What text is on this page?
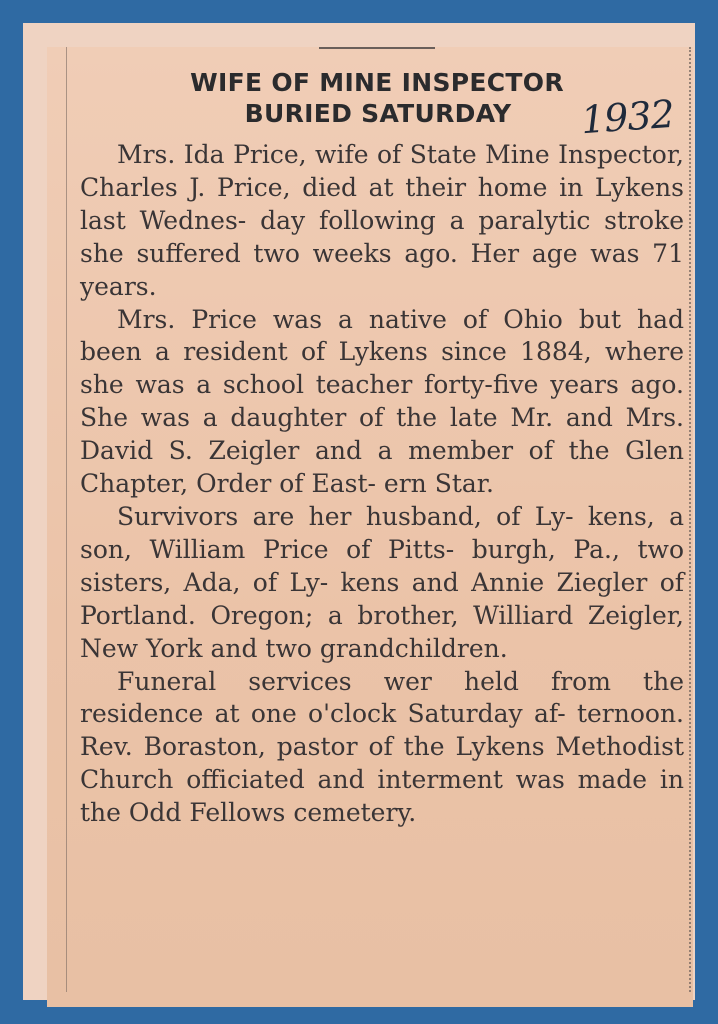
WIFE OF MINE INSPECTOR
BURIED SATURDAY	1932

Mrs. Ida Price, wife of State Mine Inspector, Charles J. Price, died at their home in Lykens last Wednes- day following a paralytic stroke she suffered two weeks ago. Her age was 71 years.

Mrs. Price was a native of Ohio but had been a resident of Lykens since 1884, where she was a school teacher forty-five years ago. She was a daughter of the late Mr. and Mrs. David S. Zeigler and a member of the Glen Chapter, Order of East- ern Star.

Survivors are her husband, of Ly- kens, a son, William Price of Pitts- burgh, Pa., two sisters, Ada, of Ly- kens and Annie Ziegler of Portland. Oregon; a brother, Williard Zeigler, New York and two grandchildren.

Funeral services wer held from the residence at one o'clock Saturday af- ternoon. Rev. Boraston, pastor of the Lykens Methodist Church officiated and interment was made in the Odd Fellows cemetery.
